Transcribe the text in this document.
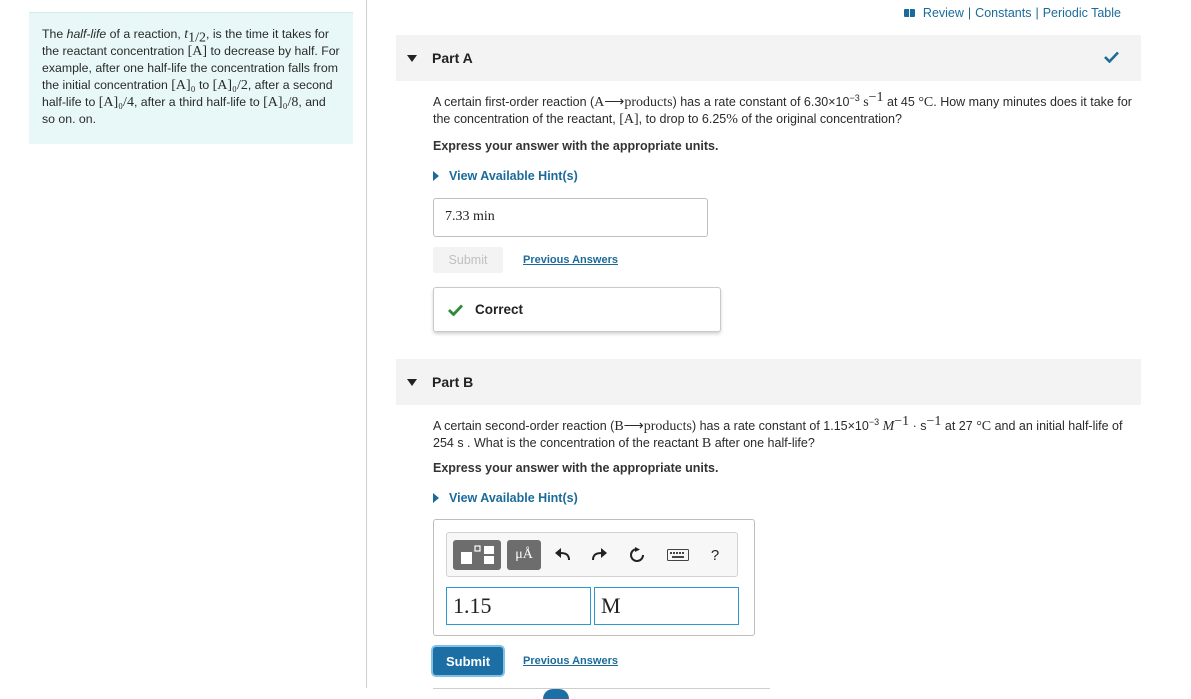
The half-life of a reaction, $t_{1/2}$, is the time it takes for the reactant concentration [A] to decrease by half. For example, after one half-life the concentration falls from the initial concentration [A]₀ to [A]₀/2, after a second half-life to [A]₀/4, after a third half-life to [A]₀/8, and so on. on.

Review | Constants | Periodic Table
Part A
A certain first-order reaction (A⟶products) has a rate constant of $6.30\times 10^{-3}$ $s^{-1}$ at 45 °C. How many minutes does it take for the concentration of the reactant, [A], to drop to 6.25% of the original concentration?
Express your answer with the appropriate units.
View Available Hint(s)
7.33 min
Submit	Previous Answers
Correct
Part B
A certain second-order reaction (B⟶products) has a rate constant of $1.15\times 10^{-3}$ $M^{-1} \cdot s^{-1}$ at 27 °C and an initial half-life of 254 s . What is the concentration of the reactant B after one half-life?
Express your answer with the appropriate units.
View Available Hint(s)
μÅ	?
1.15	M
Submit	Previous Answers
